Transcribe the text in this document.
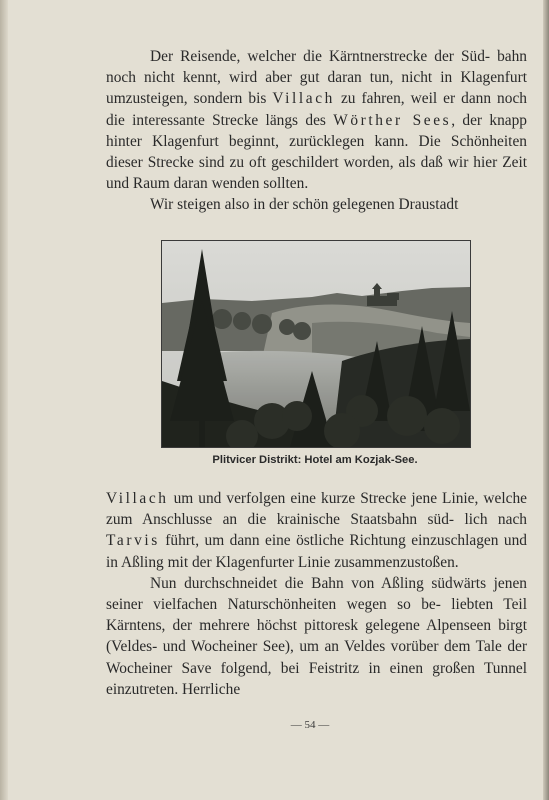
Der Reisende, welcher die Kärntnerstrecke der Süd- bahn noch nicht kennt, wird aber gut daran tun, nicht in Klagenfurt umzusteigen, sondern bis Villach zu fahren, weil er dann noch die interessante Strecke längs des Wörther Sees, der knapp hinter Klagenfurt beginnt, zurücklegen kann. Die Schönheiten dieser Strecke sind zu oft geschildert worden, als daß wir hier Zeit und Raum daran wenden sollten.

Wir steigen also in der schön gelegenen Draustadt

Plitvicer Distrikt: Hotel am Kozjak-See.

Villach um und verfolgen eine kurze Strecke jene Linie, welche zum Anschlusse an die krainische Staatsbahn süd- lich nach Tarvis führt, um dann eine östliche Richtung einzuschlagen und in Aßling mit der Klagenfurter Linie zusammenzustoßen.

Nun durchschneidet die Bahn von Aßling südwärts jenen seiner vielfachen Naturschönheiten wegen so be- liebten Teil Kärntens, der mehrere höchst pittoresk gelegene Alpenseen birgt (Veldes- und Wocheiner See), um an Veldes vorüber dem Tale der Wocheiner Save folgend, bei Feistritz in einen großen Tunnel einzutreten. Herrliche

— 54 —
